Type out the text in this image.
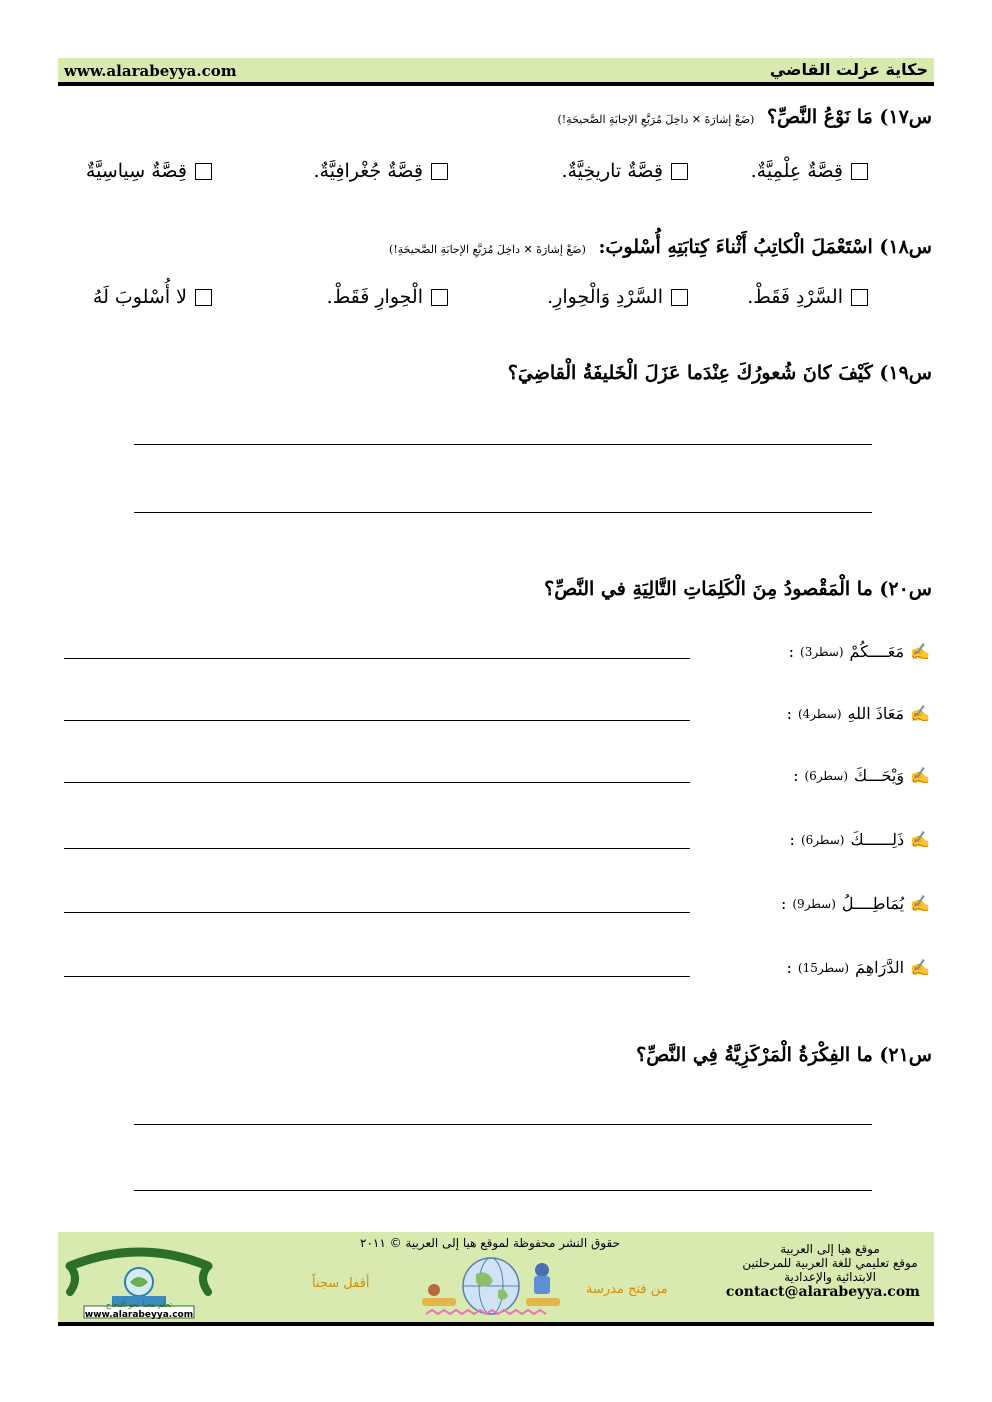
www.alarabeyya.com	حكاية عزلت القاضي
س١٧) مَا نَوْعُ النَّصِّ؟ (ضَعْ إشارَةَ ✕ داخِلَ مُرَبَّعِ الإجابَةِ الصَّحيحَةِ!)
قِصَّةٌ عِلْمِيَّةٌ.
قِصَّةٌ تاريخِيَّةٌ.
قِصَّةٌ جُغْرافِيَّةٌ.
قِصَّةٌ سِياسِيَّةٌ
س١٨) اسْتَعْمَلَ الْكاتِبُ أَثْناءَ كِتابَتِهِ أُسْلوبَ: (ضَعْ إشارَةَ ✕ داخِلَ مُرَبَّعِ الإجابَةِ الصَّحيحَةِ!)
السَّرْدِ فَقَطْ.
السَّرْدِ وَالْحِوارِ.
الْحِوارِ فَقَطْ.
لا أُسْلوبَ لَهُ
س١٩) كَيْفَ كانَ شُعورُكَ عِنْدَما عَزَلَ الْخَليفَةُ الْقاضِيَ؟
س٢٠) ما الْمَقْصودُ مِنَ الْكَلِمَاتِ التَّالِيَةِ في النَّصِّ؟
✍
مَعَــــكُمْ
(سطر3)
:
✍
مَعَاذَ اللهِ
(سطر4)
:
✍
وَيْحَـــكَ
(سطر6)
:
✍
ذَلِــــــكَ
(سطر6)
:
✍
يُمَاطِــــلُ
(سطر9)
:
✍
الدَّرَاهِمَ
(سطر15)
:
س٢١) ما الفِكْرَةُ الْمَرْكَزِيَّةُ فِي النَّصِّ؟
موقع هيا إلى العربية
موقع تعليمي للغة العربية للمرحلتين
الابتدائية والإعدادية
contact@alarabeyya.com
حقوق النشر محفوظة لموقع هيا إلى العربية © ٢٠١١
من فتح مدرسة
أقفل سجناً
تعلم معنا نحو النجاح
www.alarabeyya.com
